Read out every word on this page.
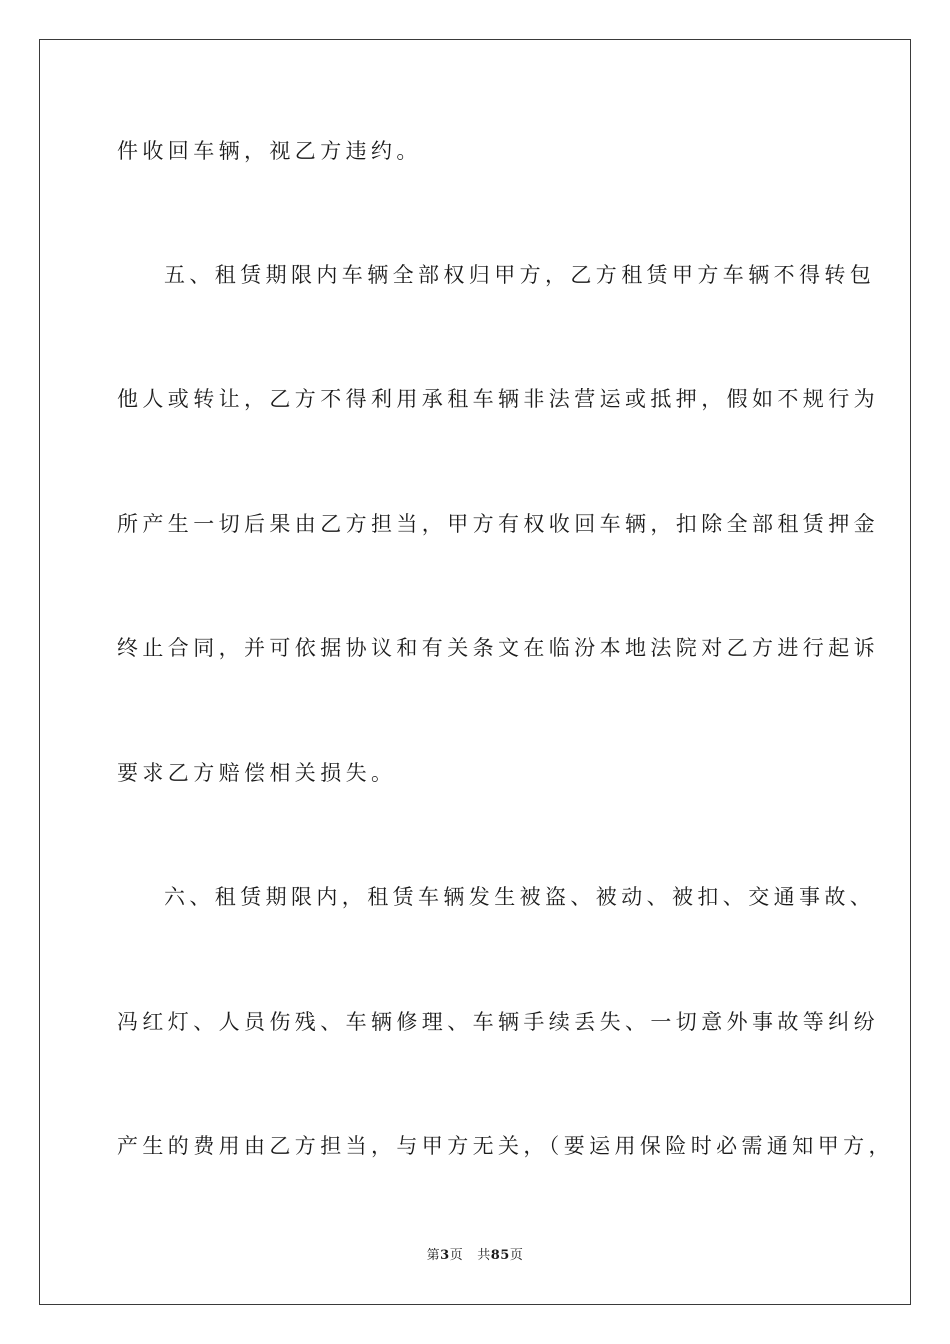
件收回车辆，视乙方违约。
五、租赁期限内车辆全部权归甲方，乙方租赁甲方车辆不得转包
他人或转让，乙方不得利用承租车辆非法营运或抵押，假如不规行为
所产生一切后果由乙方担当，甲方有权收回车辆，扣除全部租赁押金
终止合同，并可依据协议和有关条文在临汾本地法院对乙方进行起诉
要求乙方赔偿相关损失。
六、租赁期限内，租赁车辆发生被盗、被动、被扣、交通事故、
冯红灯、人员伤残、车辆修理、车辆手续丢失、一切意外事故等纠纷
产生的费用由乙方担当，与甲方无关，（要运用保险时必需通知甲方，
第3页 共85页
